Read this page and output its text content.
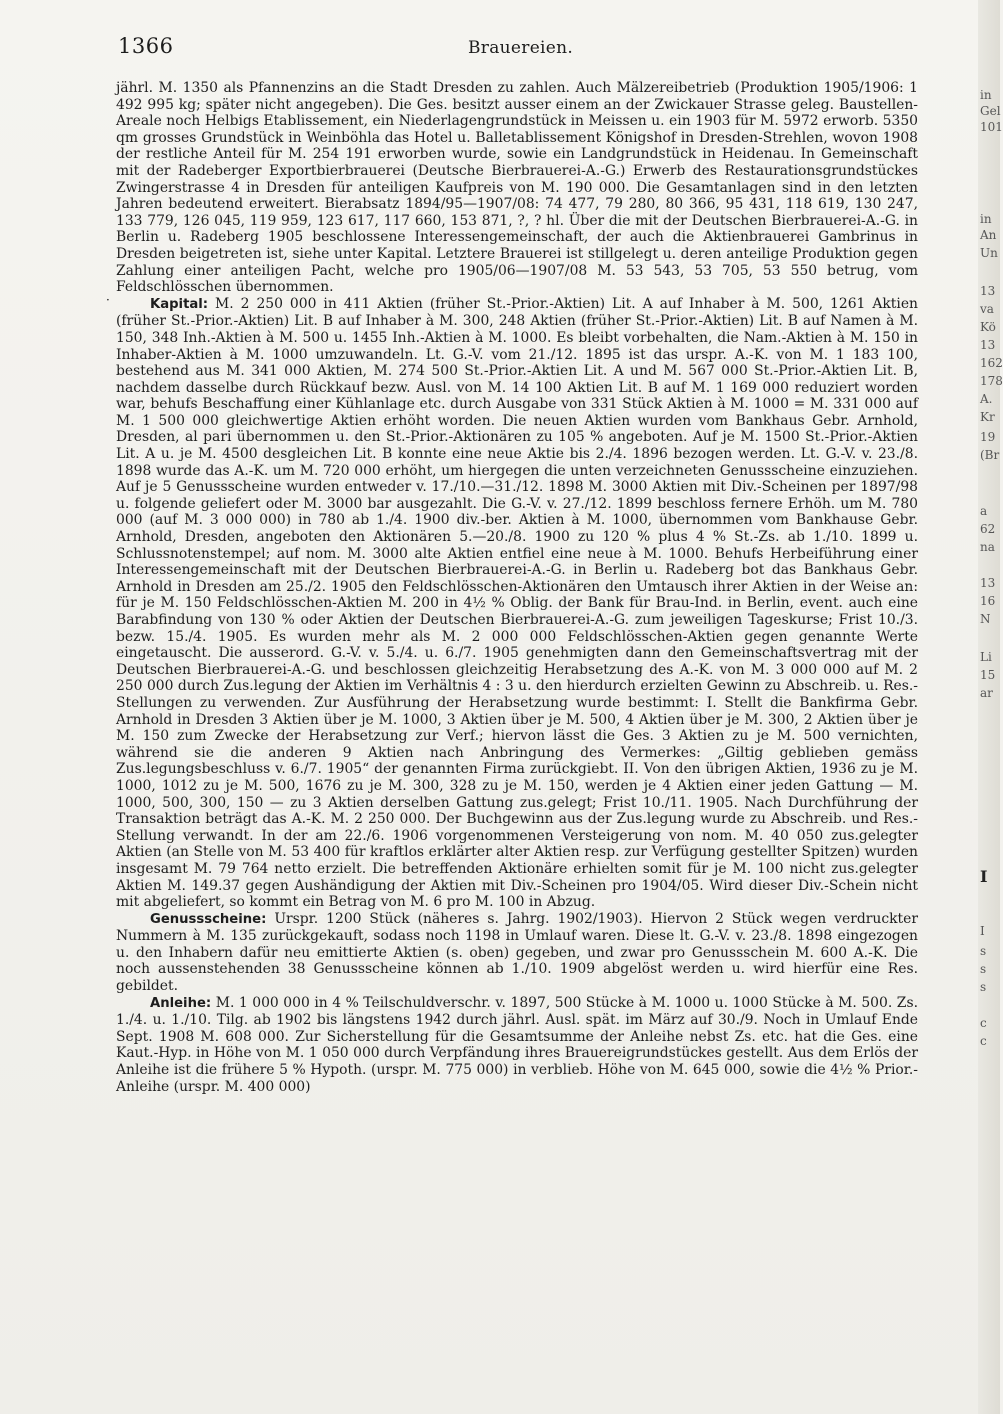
1366	Brauereien.
·

jährl. M. 1350 als Pfannenzins an die Stadt Dresden zu zahlen. Auch Mälzereibetrieb (Produktion 1905/1906: 1 492 995 kg; später nicht angegeben). Die Ges. besitzt ausser einem an der Zwickauer Strasse geleg. Baustellen-Areale noch Helbigs Etablissement, ein Niederlagengrundstück in Meissen u. ein 1903 für M. 5972 erworb. 5350 qm grosses Grundstück in Weinböhla das Hotel u. Balletablissement Königshof in Dresden-Strehlen, wovon 1908 der restliche Anteil für M. 254 191 erworben wurde, sowie ein Landgrundstück in Heidenau. In Gemeinschaft mit der Radeberger Exportbierbrauerei (Deutsche Bierbrauerei-A.-G.) Erwerb des Restaurationsgrundstückes Zwingerstrasse 4 in Dresden für anteiligen Kaufpreis von M. 190 000. Die Gesamtanlagen sind in den letzten Jahren bedeutend erweitert. Bierabsatz 1894/95—1907/08: 74 477, 79 280, 80 366, 95 431, 118 619, 130 247, 133 779, 126 045, 119 959, 123 617, 117 660, 153 871, ?, ? hl. Über die mit der Deutschen Bierbrauerei-A.-G. in Berlin u. Radeberg 1905 beschlossene Interessengemeinschaft, der auch die Aktienbrauerei Gambrinus in Dresden beigetreten ist, siehe unter Kapital. Letztere Brauerei ist stillgelegt u. deren anteilige Produktion gegen Zahlung einer anteiligen Pacht, welche pro 1905/06—1907/08 M. 53 543, 53 705, 53 550 betrug, vom Feldschlösschen übernommen.

Kapital: M. 2 250 000 in 411 Aktien (früher St.-Prior.-Aktien) Lit. A auf Inhaber à M. 500, 1261 Aktien (früher St.-Prior.-Aktien) Lit. B auf Inhaber à M. 300, 248 Aktien (früher St.-Prior.-Aktien) Lit. B auf Namen à M. 150, 348 Inh.-Aktien à M. 500 u. 1455 Inh.-Aktien à M. 1000. Es bleibt vorbehalten, die Nam.-Aktien à M. 150 in Inhaber-Aktien à M. 1000 umzuwandeln. Lt. G.-V. vom 21./12. 1895 ist das urspr. A.-K. von M. 1 183 100, bestehend aus M. 341 000 Aktien, M. 274 500 St.-Prior.-Aktien Lit. A und M. 567 000 St.-Prior.-Aktien Lit. B, nachdem dasselbe durch Rückkauf bezw. Ausl. von M. 14 100 Aktien Lit. B auf M. 1 169 000 reduziert worden war, behufs Beschaffung einer Kühlanlage etc. durch Ausgabe von 331 Stück Aktien à M. 1000 = M. 331 000 auf M. 1 500 000 gleichwertige Aktien erhöht worden. Die neuen Aktien wurden vom Bankhaus Gebr. Arnhold, Dresden, al pari übernommen u. den St.-Prior.-Aktionären zu 105 % angeboten. Auf je M. 1500 St.-Prior.-Aktien Lit. A u. je M. 4500 desgleichen Lit. B konnte eine neue Aktie bis 2./4. 1896 bezogen werden. Lt. G.-V. v. 23./8. 1898 wurde das A.-K. um M. 720 000 erhöht, um hiergegen die unten verzeichneten Genussscheine einzuziehen. Auf je 5 Genussscheine wurden entweder v. 17./10.—31./12. 1898 M. 3000 Aktien mit Div.-Scheinen per 1897/98 u. folgende geliefert oder M. 3000 bar ausgezahlt. Die G.-V. v. 27./12. 1899 beschloss fernere Erhöh. um M. 780 000 (auf M. 3 000 000) in 780 ab 1./4. 1900 div.-ber. Aktien à M. 1000, übernommen vom Bankhause Gebr. Arnhold, Dresden, angeboten den Aktionären 5.—20./8. 1900 zu 120 % plus 4 % St.-Zs. ab 1./10. 1899 u. Schlussnotenstempel; auf nom. M. 3000 alte Aktien entfiel eine neue à M. 1000. Behufs Herbeiführung einer Interessengemeinschaft mit der Deutschen Bierbrauerei-A.-G. in Berlin u. Radeberg bot das Bankhaus Gebr. Arnhold in Dresden am 25./2. 1905 den Feldschlösschen-Aktionären den Umtausch ihrer Aktien in der Weise an: für je M. 150 Feldschlösschen-Aktien M. 200 in 4½ % Oblig. der Bank für Brau-Ind. in Berlin, event. auch eine Barabfindung von 130 % oder Aktien der Deutschen Bierbrauerei-A.-G. zum jeweiligen Tageskurse; Frist 10./3. bezw. 15./4. 1905. Es wurden mehr als M. 2 000 000 Feldschlösschen-Aktien gegen genannte Werte eingetauscht. Die ausserord. G.-V. v. 5./4. u. 6./7. 1905 genehmigten dann den Gemeinschaftsvertrag mit der Deutschen Bierbrauerei-A.-G. und beschlossen gleichzeitig Herabsetzung des A.-K. von M. 3 000 000 auf M. 2 250 000 durch Zus.legung der Aktien im Verhältnis 4 : 3 u. den hierdurch erzielten Gewinn zu Abschreib. u. Res.-Stellungen zu verwenden. Zur Ausführung der Herabsetzung wurde bestimmt: I. Stellt die Bankfirma Gebr. Arnhold in Dresden 3 Aktien über je M. 1000, 3 Aktien über je M. 500, 4 Aktien über je M. 300, 2 Aktien über je M. 150 zum Zwecke der Herabsetzung zur Verf.; hiervon lässt die Ges. 3 Aktien zu je M. 500 vernichten, während sie die anderen 9 Aktien nach Anbringung des Vermerkes: „Giltig geblieben gemäss Zus.legungsbeschluss v. 6./7. 1905“ der genannten Firma zurückgiebt. II. Von den übrigen Aktien, 1936 zu je M. 1000, 1012 zu je M. 500, 1676 zu je M. 300, 328 zu je M. 150, werden je 4 Aktien einer jeden Gattung — M. 1000, 500, 300, 150 — zu 3 Aktien derselben Gattung zus.gelegt; Frist 10./11. 1905. Nach Durchführung der Transaktion beträgt das A.-K. M. 2 250 000. Der Buchgewinn aus der Zus.legung wurde zu Abschreib. und Res.-Stellung verwandt. In der am 22./6. 1906 vorgenommenen Versteigerung von nom. M. 40 050 zus.gelegter Aktien (an Stelle von M. 53 400 für kraftlos erklärter alter Aktien resp. zur Verfügung gestellter Spitzen) wurden insgesamt M. 79 764 netto erzielt. Die betreffenden Aktionäre erhielten somit für je M. 100 nicht zus.gelegter Aktien M. 149.37 gegen Aushändigung der Aktien mit Div.-Scheinen pro 1904/05. Wird dieser Div.-Schein nicht mit abgeliefert, so kommt ein Betrag von M. 6 pro M. 100 in Abzug.

Genussscheine: Urspr. 1200 Stück (näheres s. Jahrg. 1902/1903). Hiervon 2 Stück wegen verdruckter Nummern à M. 135 zurückgekauft, sodass noch 1198 in Umlauf waren. Diese lt. G.-V. v. 23./8. 1898 eingezogen u. den Inhabern dafür neu emittierte Aktien (s. oben) gegeben, und zwar pro Genussschein M. 600 A.-K. Die noch aussenstehenden 38 Genussscheine können ab 1./10. 1909 abgelöst werden u. wird hierfür eine Res. gebildet.

Anleihe: M. 1 000 000 in 4 % Teilschuldverschr. v. 1897, 500 Stücke à M. 1000 u. 1000 Stücke à M. 500. Zs. 1./4. u. 1./10. Tilg. ab 1902 bis längstens 1942 durch jährl. Ausl. spät. im März auf 30./9. Noch in Umlauf Ende Sept. 1908 M. 608 000. Zur Sicherstellung für die Gesamtsumme der Anleihe nebst Zs. etc. hat die Ges. eine Kaut.-Hyp. in Höhe von M. 1 050 000 durch Verpfändung ihres Brauereigrundstückes gestellt. Aus dem Erlös der Anleihe ist die frühere 5 % Hypoth. (urspr. M. 775 000) in verblieb. Höhe von M. 645 000, sowie die 4½ % Prior.-Anleihe (urspr. M. 400 000)

in
Gel
101
in
An
Un
13
va
Kö
13
162
178
A.
Kr
19
(Br
a
62
na
13
16
N
Li
15
ar
I
I
s
s
s
c
c
